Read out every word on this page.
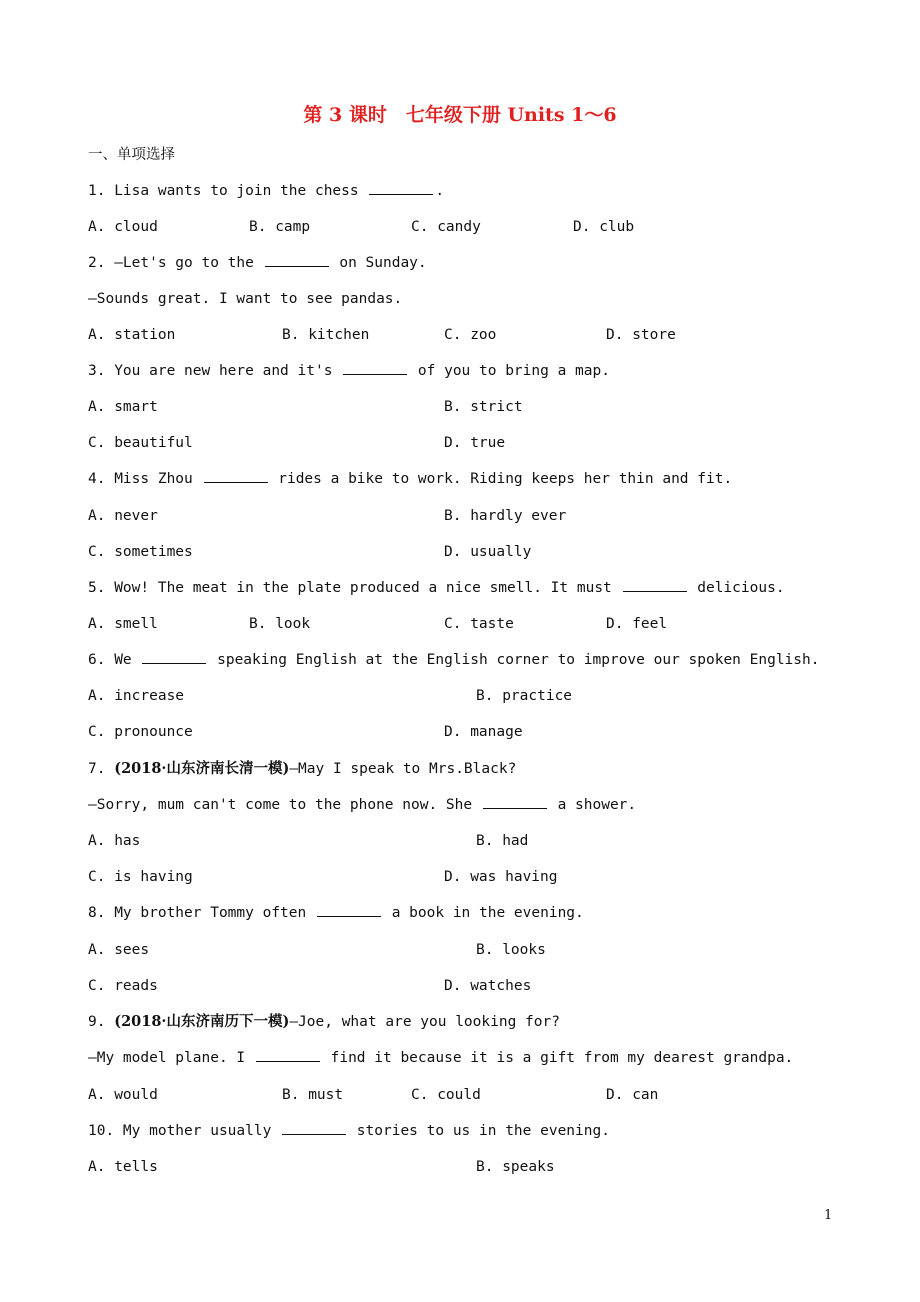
第 3 课时　七年级下册 Units 1～6
一、单项选择
1. Lisa wants to join the chess	.
A. cloud	B. camp	C. candy	D. club
2. —Let's go to the	on Sunday.
—Sounds great. I want to see pandas.
A. station	B. kitchen	C. zoo	D. store
3. You are new here and it's	of you to bring a map.
A. smart	B. strict
C. beautiful	D. true
4. Miss Zhou	rides a bike to work. Riding keeps her thin and fit.
A. never	B. hardly ever
C. sometimes	D. usually
5. Wow! The meat in the plate produced a nice smell. It must	delicious.
A. smell	B. look	C. taste	D. feel
6. We	speaking English at the English corner to improve our spoken English.
A. increase	B. practice
C. pronounce	D. manage
7. (2018·山东济南长清一模)—May I speak to Mrs.Black?
—Sorry, mum can't come to the phone now. She	a shower.
A. has	B. had
C. is having	D. was having
8. My brother Tommy often	a book in the evening.
A. sees	B. looks
C. reads	D. watches
9. (2018·山东济南历下一模)—Joe, what are you looking for?
—My model plane. I	find it because it is a gift from my dearest grandpa.
A. would	B. must	C. could	D. can
10. My mother usually	stories to us in the evening.
A. tells	B. speaks
1
